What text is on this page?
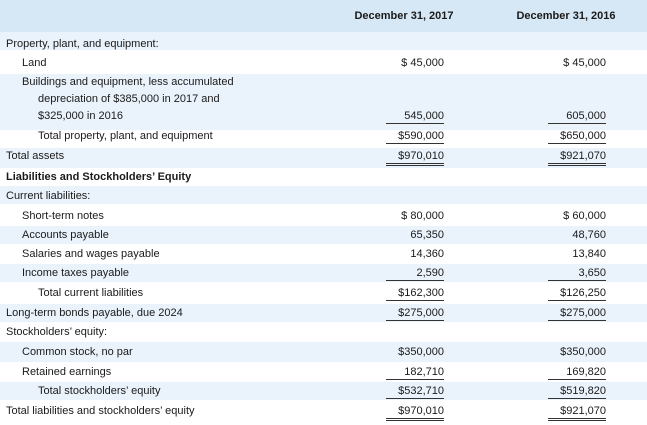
December 31, 2017	December 31, 2016
Property, plant, and equipment:
Land	$ 45,000	$ 45,000
Buildings and equipment, less accumulated
depreciation of $385,000 in 2017 and
$325,000 in 2016	545,000	605,000
Total property, plant, and equipment	$590,000	$650,000
Total assets	$970,010	$921,070
Liabilities and Stockholders’ Equity
Current liabilities:
Short-term notes	$ 80,000	$ 60,000
Accounts payable	65,350	48,760
Salaries and wages payable	14,360	13,840
Income taxes payable	2,590	3,650
Total current liabilities	$162,300	$126,250
Long-term bonds payable, due 2024	$275,000	$275,000
Stockholders’ equity:
Common stock, no par	$350,000	$350,000
Retained earnings	182,710	169,820
Total stockholders’ equity	$532,710	$519,820
Total liabilities and stockholders’ equity	$970,010	$921,070
